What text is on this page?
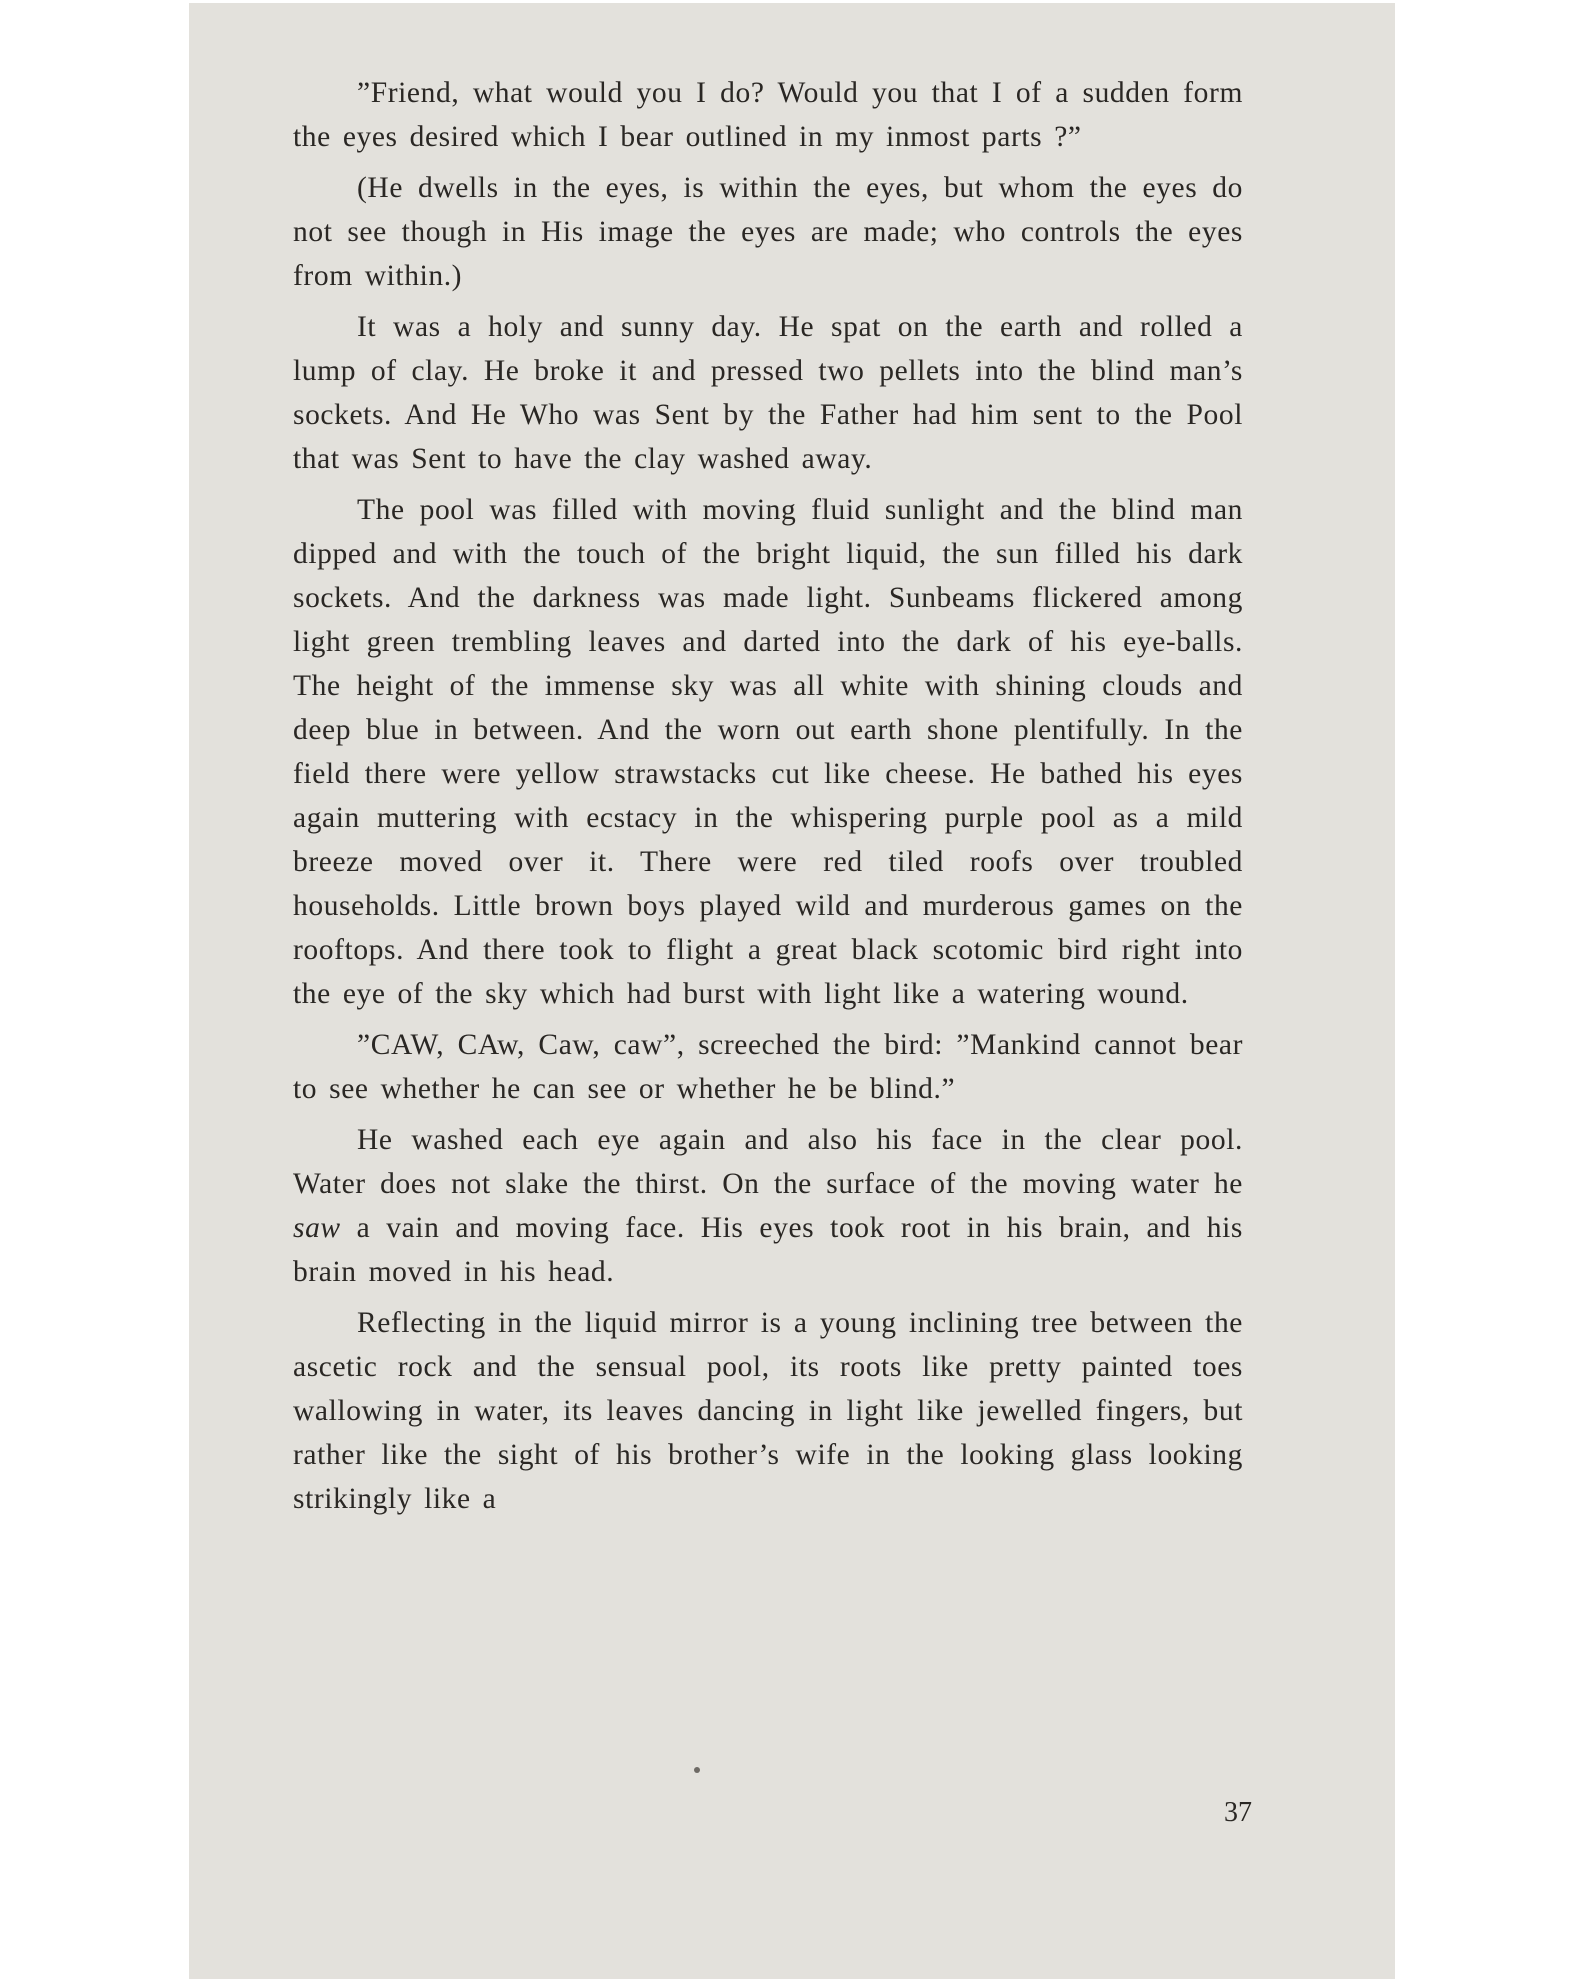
”Friend, what would you I do? Would you that I of a sudden form the eyes desired which I bear outlined in my inmost parts ?”

(He dwells in the eyes, is within the eyes, but whom the eyes do not see though in His image the eyes are made; who controls the eyes from within.)

It was a holy and sunny day. He spat on the earth and rolled a lump of clay. He broke it and pressed two pellets into the blind man’s sockets. And He Who was Sent by the Father had him sent to the Pool that was Sent to have the clay washed away.

The pool was filled with moving fluid sunlight and the blind man dipped and with the touch of the bright liquid, the sun filled his dark sockets. And the darkness was made light. Sunbeams flickered among light green trembling leaves and darted into the dark of his eye-balls. The height of the immense sky was all white with shining clouds and deep blue in between. And the worn out earth shone plentifully. In the field there were yellow strawstacks cut like cheese. He bathed his eyes again muttering with ecstacy in the whispering purple pool as a mild breeze moved over it. There were red tiled roofs over troubled households. Little brown boys played wild and murderous games on the rooftops. And there took to flight a great black scotomic bird right into the eye of the sky which had burst with light like a watering wound.

”CAW, CAw, Caw, caw”, screeched the bird: ”Mankind cannot bear to see whether he can see or whether he be blind.”

He washed each eye again and also his face in the clear pool. Water does not slake the thirst. On the surface of the moving water he saw a vain and moving face. His eyes took root in his brain, and his brain moved in his head.

Reflecting in the liquid mirror is a young inclining tree between the ascetic rock and the sensual pool, its roots like pretty painted toes wallowing in water, its leaves dancing in light like jewelled fingers, but rather like the sight of his brother’s wife in the looking glass looking strikingly like a

37
